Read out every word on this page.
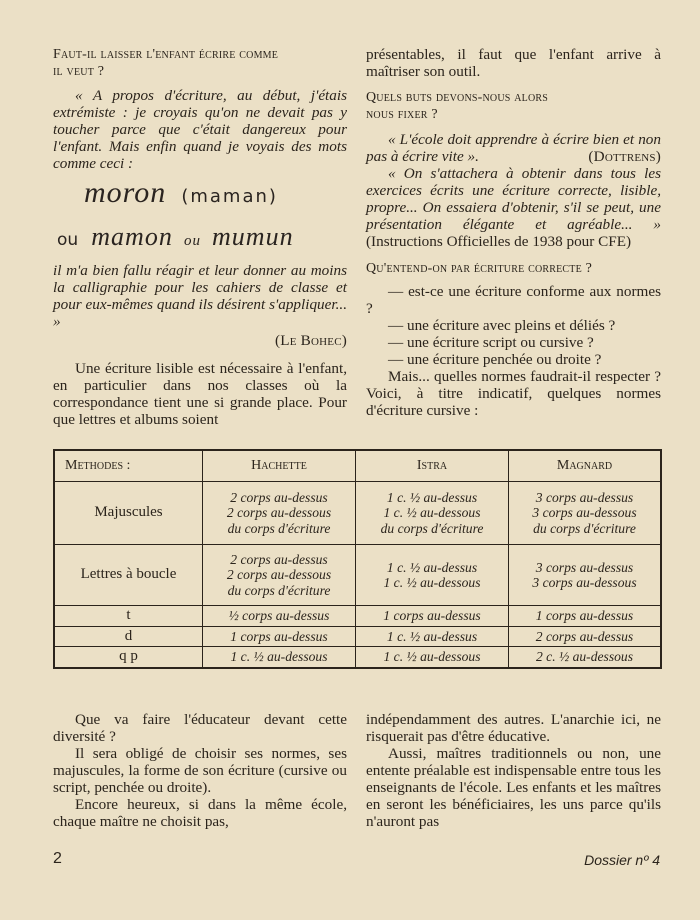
Faut-il laisser l'enfant écrire comme il veut ?

« A propos d'écriture, au début, j'étais extrémiste : je croyais qu'on ne devait pas y toucher parce que c'était dangereux pour l'enfant. Mais enfin quand je voyais des mots comme ceci :

moron (maman)
ou mamon ou mumun

il m'a bien fallu réagir et leur donner au moins la calligraphie pour les cahiers de classe et pour eux-mêmes quand ils désirent s'appliquer... »

(Le Bohec)

Une écriture lisible est nécessaire à l'enfant, en particulier dans nos classes où la correspondance tient une si grande place. Pour que lettres et albums soient

présentables, il faut que l'enfant arrive à maîtriser son outil.

Quels buts devons-nous alors nous fixer ?

« L'école doit apprendre à écrire bien et non pas à écrire vite ».	(Dottrens)

« On s'attachera à obtenir dans tous les exercices écrits une écriture correcte, lisible, propre... On essaiera d'obtenir, s'il se peut, une présentation élégante et agréable... » (Instructions Officielles de 1938 pour CFE)

Qu'entend-on par écriture correcte ?

— est-ce une écriture conforme aux normes ?

— une écriture avec pleins et déliés ?

— une écriture script ou cursive ?

— une écriture penchée ou droite ?

Mais... quelles normes faudrait-il respecter ? Voici, à titre indicatif, quelques normes d'écriture cursive :

Methodes :	Hachette	Istra	Magnard
Majuscules	2 corps au-dessus
2 corps au-dessous
du corps d'écriture	1 c. ½ au-dessus
1 c. ½ au-dessous
du corps d'écriture	3 corps au-dessus
3 corps au-dessous
du corps d'écriture
Lettres à boucle	2 corps au-dessus
2 corps au-dessous
du corps d'écriture	1 c. ½ au-dessus
1 c. ½ au-dessous	3 corps au-dessus
3 corps au-dessous
t	½ corps au-dessus	1 corps au-dessus	1 corps au-dessus
d	1 corps au-dessus	1 c. ½ au-dessus	2 corps au-dessus
q p	1 c. ½ au-dessous	1 c. ½ au-dessous	2 c. ½ au-dessous

Que va faire l'éducateur devant cette diversité ?

Il sera obligé de choisir ses normes, ses majuscules, la forme de son écriture (cursive ou script, penchée ou droite).

Encore heureux, si dans la même école, chaque maître ne choisit pas,

indépendamment des autres. L'anarchie ici, ne risquerait pas d'être éducative.

Aussi, maîtres traditionnels ou non, une entente préalable est indispensable entre tous les enseignants de l'école. Les enfants et les maîtres en seront les bénéficiaires, les uns parce qu'ils n'auront pas

2	Dossier nº 4
